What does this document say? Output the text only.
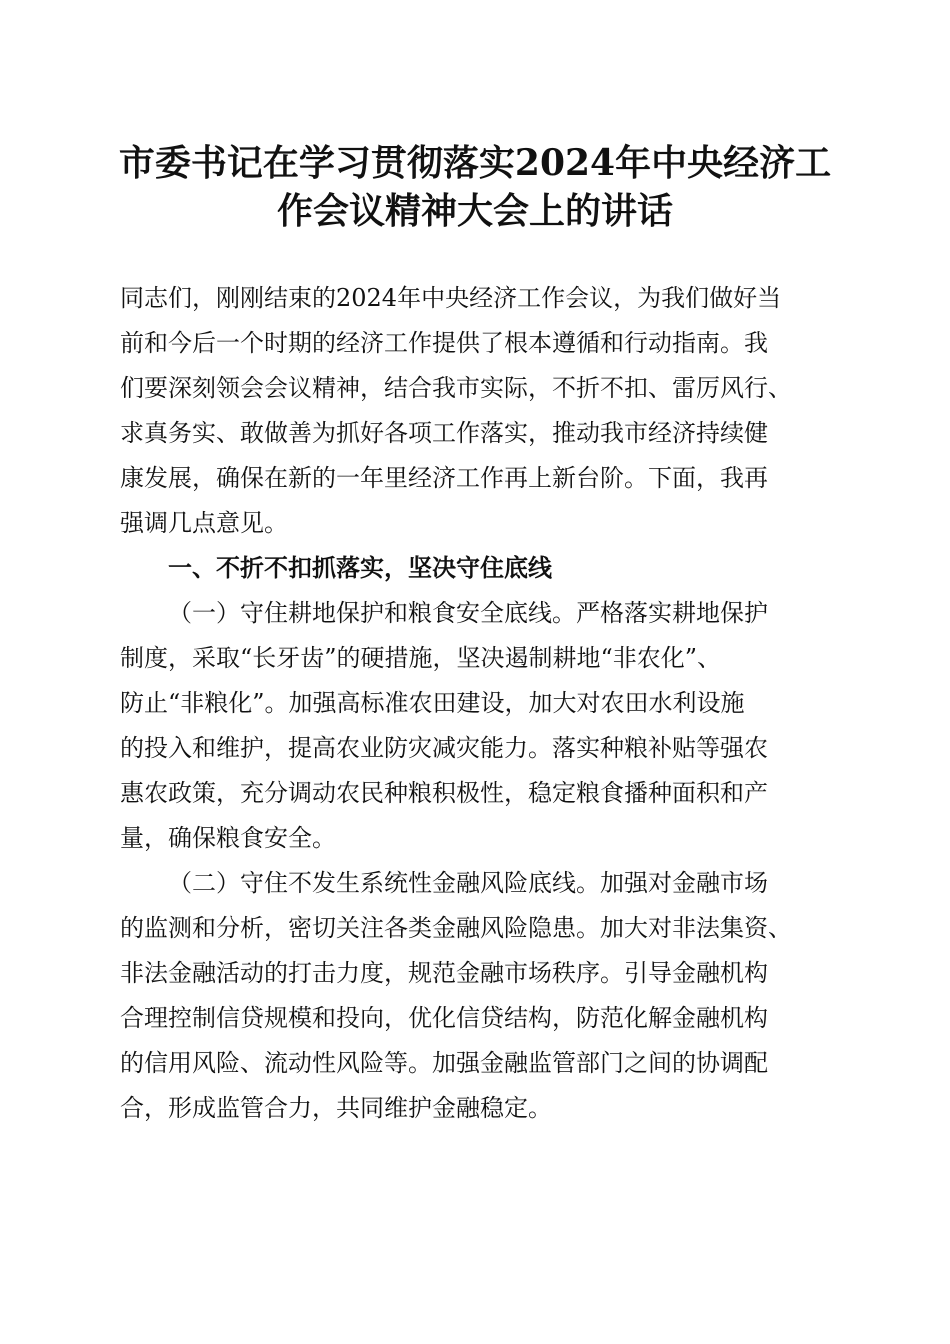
市委书记在学习贯彻落实2024年中央经济工
作会议精神大会上的讲话

同志们，刚刚结束的2024年中央经济工作会议，为我们做好当

前和今后一个时期的经济工作提供了根本遵循和行动指南。我

们要深刻领会会议精神，结合我市实际，不折不扣、雷厉风行、

求真务实、敢做善为抓好各项工作落实，推动我市经济持续健

康发展，确保在新的一年里经济工作再上新台阶。下面，我再

强调几点意见。

一、不折不扣抓落实，坚决守住底线

（一）守住耕地保护和粮食安全底线。严格落实耕地保护

制度，采取“长牙齿”的硬措施，坚决遏制耕地“非农化”、

防止“非粮化”。加强高标准农田建设，加大对农田水利设施

的投入和维护，提高农业防灾减灾能力。落实种粮补贴等强农

惠农政策，充分调动农民种粮积极性，稳定粮食播种面积和产

量，确保粮食安全。

（二）守住不发生系统性金融风险底线。加强对金融市场

的监测和分析，密切关注各类金融风险隐患。加大对非法集资、

非法金融活动的打击力度，规范金融市场秩序。引导金融机构

合理控制信贷规模和投向，优化信贷结构，防范化解金融机构

的信用风险、流动性风险等。加强金融监管部门之间的协调配

合，形成监管合力，共同维护金融稳定。
